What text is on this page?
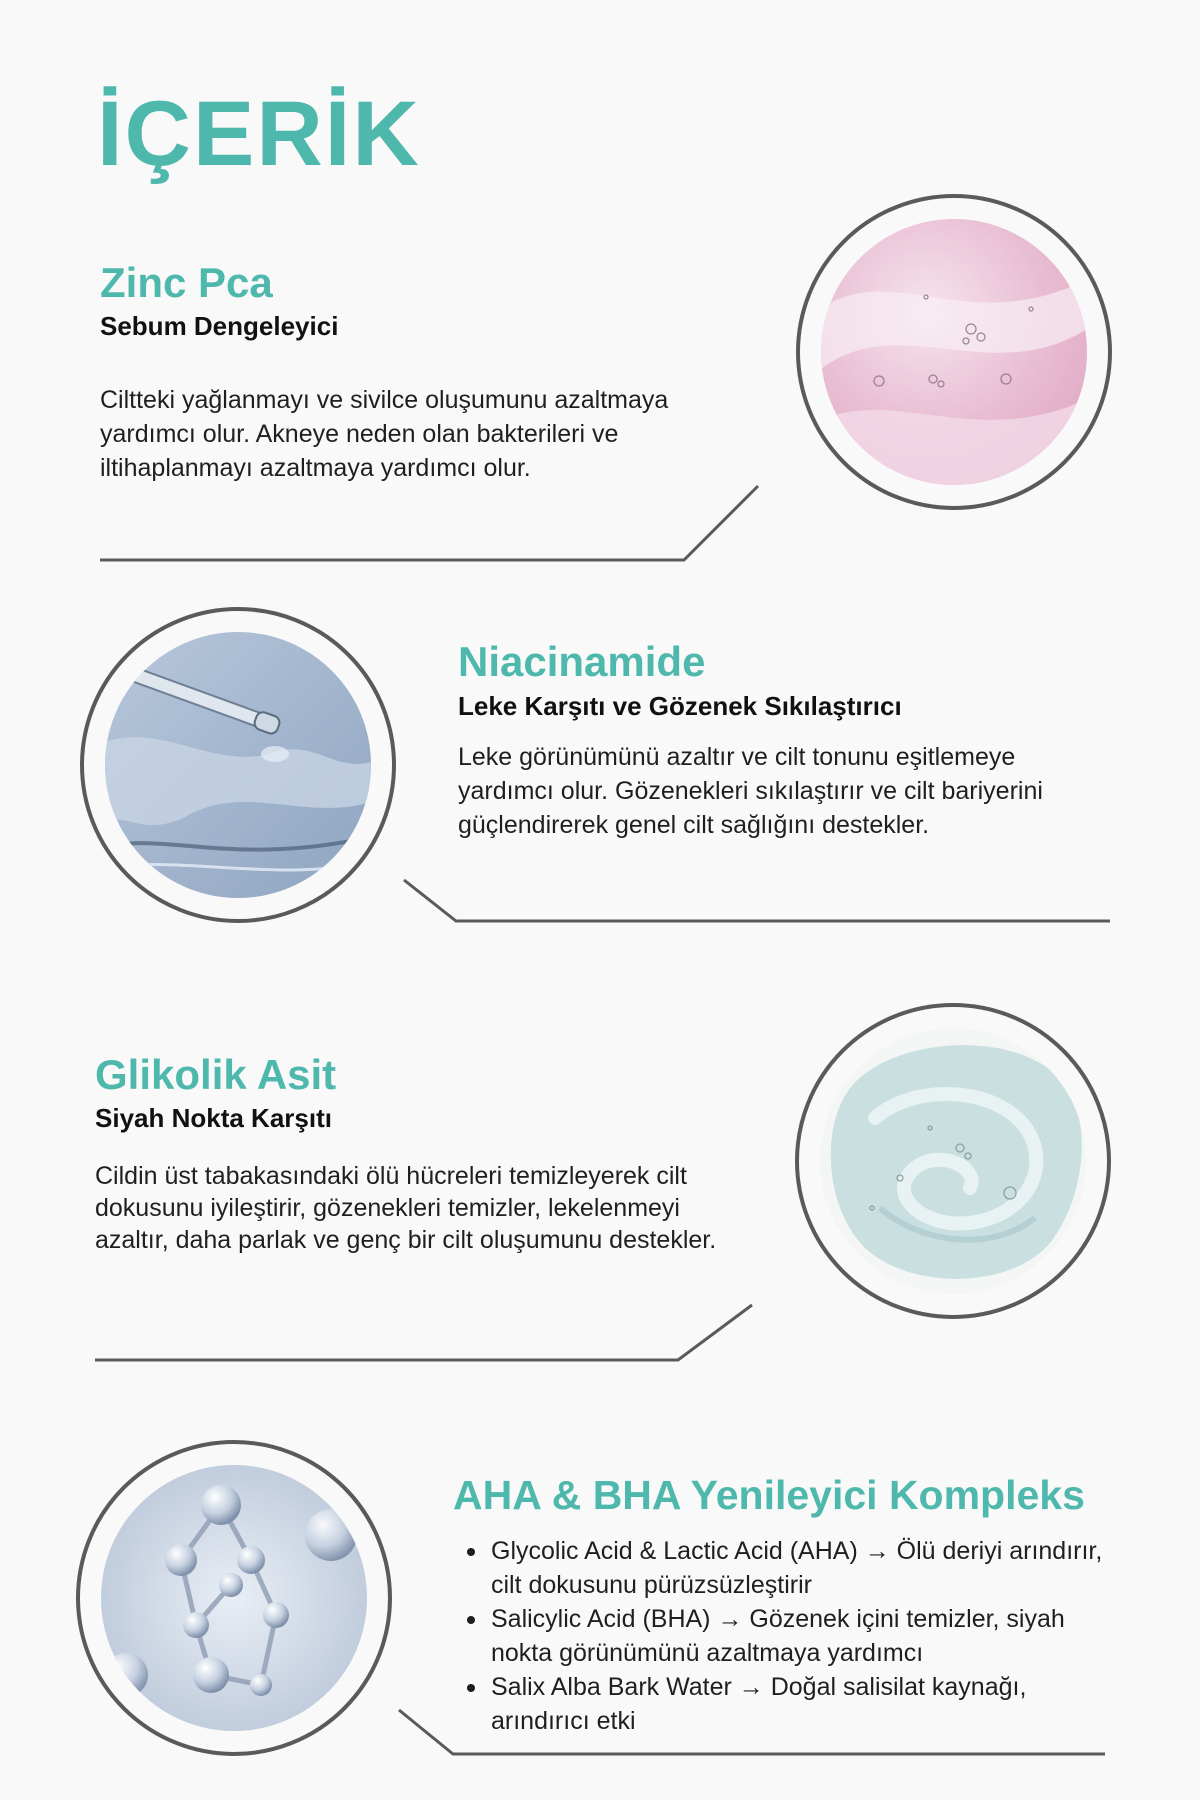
İÇERİK
Zinc Pca
Sebum Dengeleyici

Ciltteki yağlanmayı ve sivilce oluşumunu azaltmaya yardımcı olur. Akneye neden olan bakterileri ve iltihaplanmayı azaltmaya yardımcı olur.

Niacinamide
Leke Karşıtı ve Gözenek Sıkılaştırıcı

Leke görünümünü azaltır ve cilt tonunu eşitlemeye yardımcı olur. Gözenekleri sıkılaştırır ve cilt bariyerini güçlendirerek genel cilt sağlığını destekler.

Glikolik Asit
Siyah Nokta Karşıtı

Cildin üst tabakasındaki ölü hücreleri temizleyerek cilt dokusunu iyileştirir, gözenekleri temizler, lekelenmeyi azaltır, daha parlak ve genç bir cilt oluşumunu destekler.

AHA & BHA Yenileyici Kompleks
Glycolic Acid & Lactic Acid (AHA) → Ölü deriyi arındırır, cilt dokusunu pürüzsüzleştirir
Salicylic Acid (BHA) → Gözenek içini temizler, siyah nokta görünümünü azaltmaya yardımcı
Salix Alba Bark Water → Doğal salisilat kaynağı, arındırıcı etki
